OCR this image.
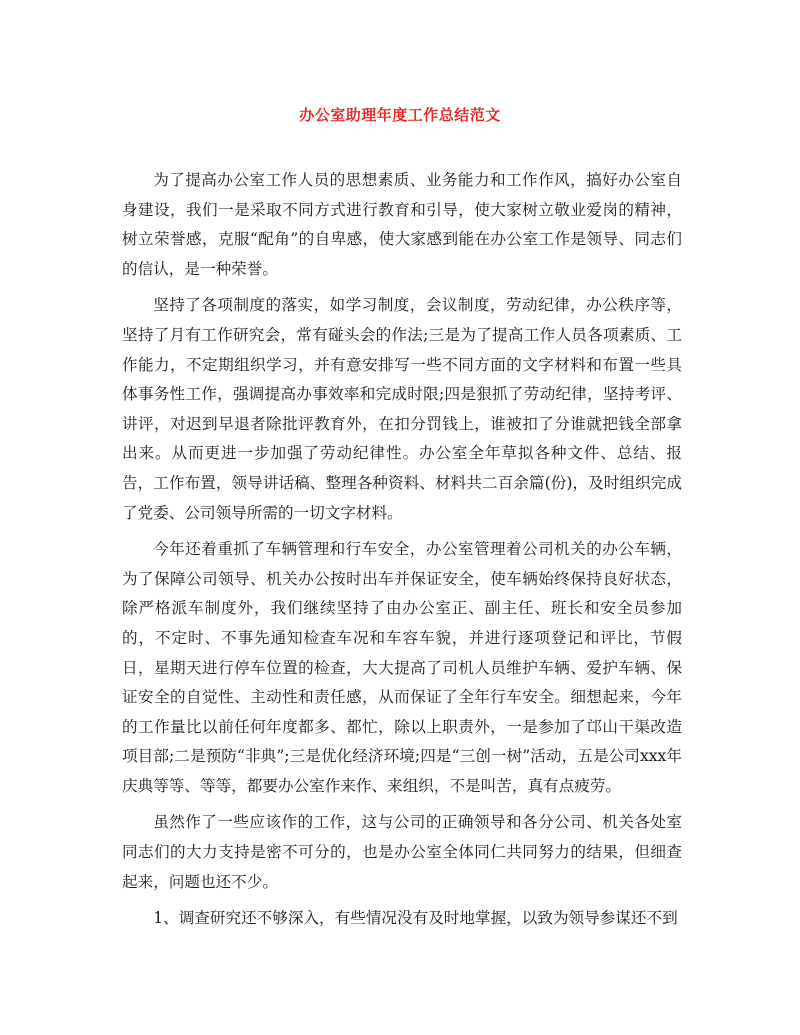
办公室助理年度工作总结范文

为了提高办公室工作人员的思想素质、业务能力和工作作风，搞好办公室自身建设，我们一是采取不同方式进行教育和引导，使大家树立敬业爱岗的精神，树立荣誉感，克服“配角”的自卑感，使大家感到能在办公室工作是领导、同志们的信认，是一种荣誉。

坚持了各项制度的落实，如学习制度，会议制度，劳动纪律，办公秩序等，坚持了月有工作研究会，常有碰头会的作法;三是为了提高工作人员各项素质、工作能力，不定期组织学习，并有意安排写一些不同方面的文字材料和布置一些具体事务性工作，强调提高办事效率和完成时限;四是狠抓了劳动纪律，坚持考评、讲评，对迟到早退者除批评教育外，在扣分罚钱上，谁被扣了分谁就把钱全部拿出来。从而更进一步加强了劳动纪律性。办公室全年草拟各种文件、总结、报告，工作布置，领导讲话稿、整理各种资料、材料共二百余篇(份)，及时组织完成了党委、公司领导所需的一切文字材料。

今年还着重抓了车辆管理和行车安全，办公室管理着公司机关的办公车辆，为了保障公司领导、机关办公按时出车并保证安全，使车辆始终保持良好状态，除严格派车制度外，我们继续坚持了由办公室正、副主任、班长和安全员参加的，不定时、不事先通知检查车况和车容车貌，并进行逐项登记和评比，节假日，星期天进行停车位置的检查，大大提高了司机人员维护车辆、爱护车辆、保证安全的自觉性、主动性和责任感，从而保证了全年行车安全。细想起来，今年的工作量比以前任何年度都多、都忙，除以上职责外，一是参加了邙山干渠改造项目部;二是预防“非典”;三是优化经济环境;四是“三创一树”活动，五是公司xxx年庆典等等、等等，都要办公室作来作、来组织，不是叫苦，真有点疲劳。

虽然作了一些应该作的工作，这与公司的正确领导和各分公司、机关各处室同志们的大力支持是密不可分的，也是办公室全体同仁共同努力的结果，但细查起来，问题也还不少。

1、调查研究还不够深入，有些情况没有及时地掌握，以致为领导参谋还不到
